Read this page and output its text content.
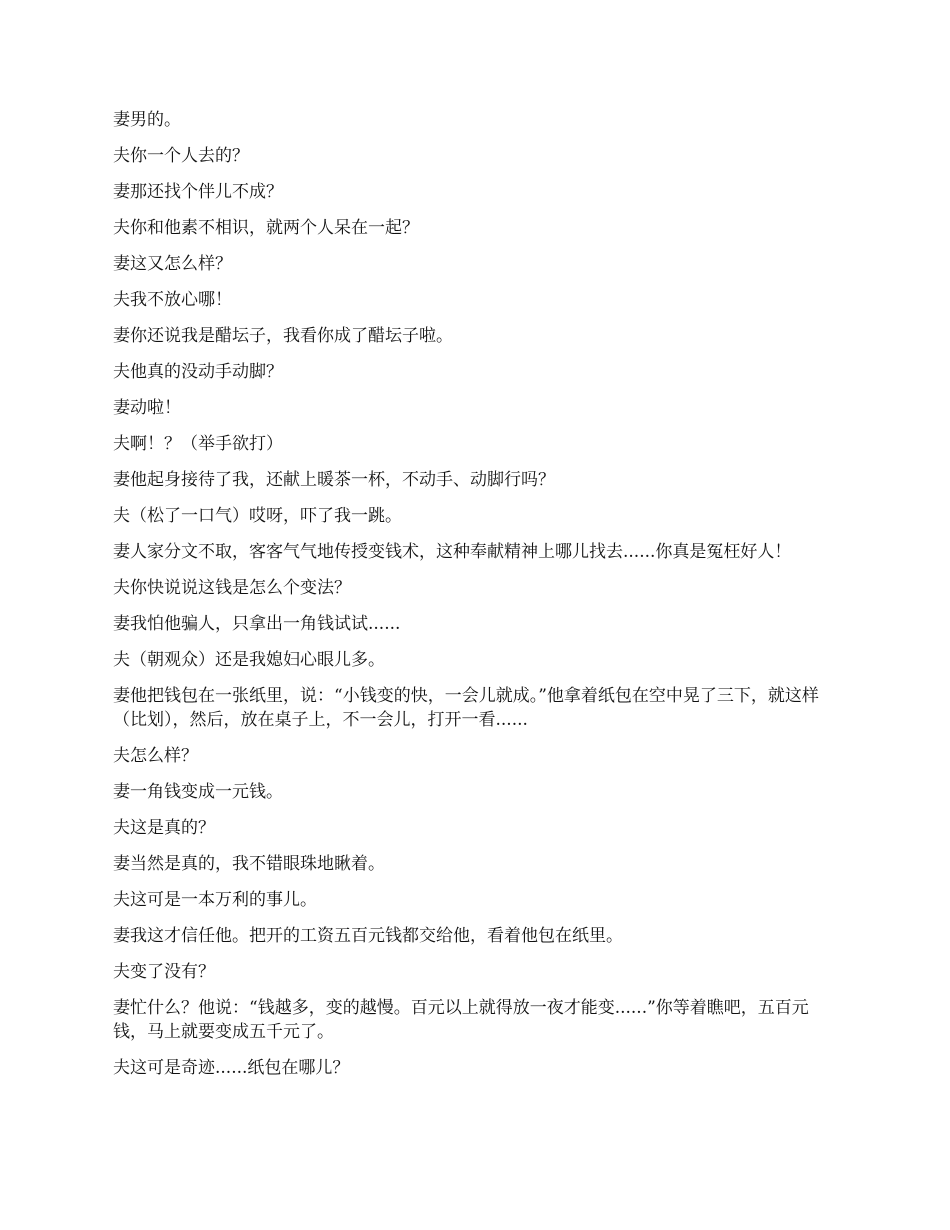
妻男的。

夫你一个人去的？

妻那还找个伴儿不成？

夫你和他素不相识，就两个人呆在一起？

妻这又怎么样？

夫我不放心哪！

妻你还说我是醋坛子，我看你成了醋坛子啦。

夫他真的没动手动脚？

妻动啦！

夫啊！？（举手欲打）

妻他起身接待了我，还献上暖茶一杯，不动手、动脚行吗？

夫（松了一口气）哎呀，吓了我一跳。

妻人家分文不取，客客气气地传授变钱术，这种奉献精神上哪儿找去......你真是冤枉好人！

夫你快说说这钱是怎么个变法？

妻我怕他骗人，只拿出一角钱试试......

夫（朝观众）还是我媳妇心眼儿多。

妻他把钱包在一张纸里，说：“小钱变的快，一会儿就成。”他拿着纸包在空中晃了三下，就这样（比划），然后，放在桌子上，不一会儿，打开一看......

夫怎么样？

妻一角钱变成一元钱。

夫这是真的？

妻当然是真的，我不错眼珠地瞅着。

夫这可是一本万利的事儿。

妻我这才信任他。把开的工资五百元钱都交给他，看着他包在纸里。

夫变了没有？

妻忙什么？他说：“钱越多，变的越慢。百元以上就得放一夜才能变......”你等着瞧吧，五百元钱，马上就要变成五千元了。

夫这可是奇迹......纸包在哪儿？
